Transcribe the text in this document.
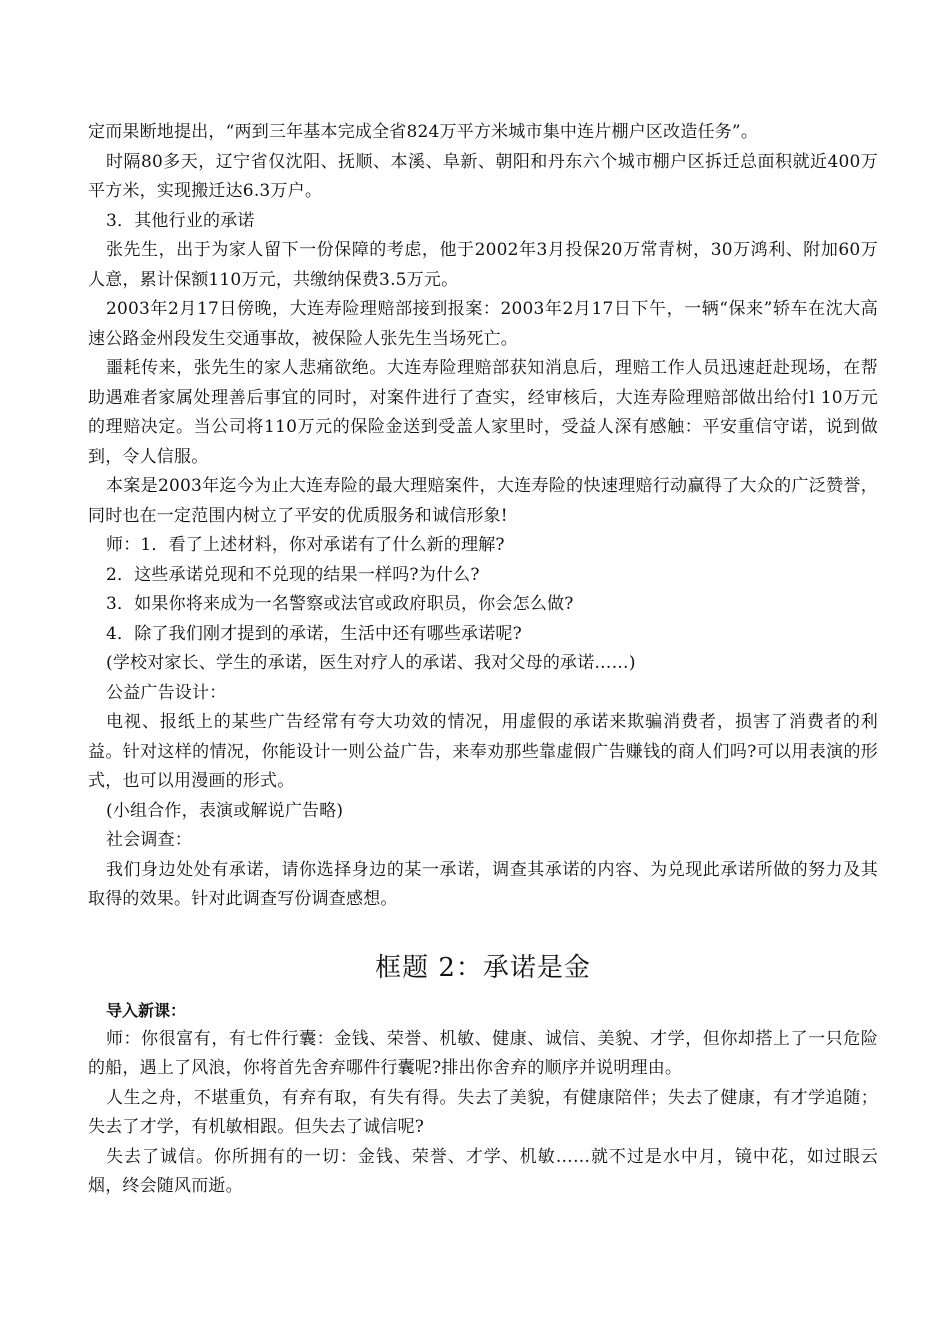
定而果断地提出，“两到三年基本完成全省824万平方米城市集中连片棚户区改造任务”。

时隔80多天，辽宁省仅沈阳、抚顺、本溪、阜新、朝阳和丹东六个城市棚户区拆迁总面积就近400万平方米，实现搬迁达6.3万户。

3．其他行业的承诺

张先生，出于为家人留下一份保障的考虑，他于2002年3月投保20万常青树，30万鸿利、附加60万人意，累计保额110万元，共缴纳保费3.5万元。

2003年2月17日傍晚，大连寿险理赔部接到报案：2003年2月17日下午，一辆“保来”轿车在沈大高速公路金州段发生交通事故，被保险人张先生当场死亡。

噩耗传来，张先生的家人悲痛欲绝。大连寿险理赔部获知消息后，理赔工作人员迅速赶赴现场，在帮助遇难者家属处理善后事宜的同时，对案件进行了查实，经审核后，大连寿险理赔部做出给付l 10万元的理赔决定。当公司将110万元的保险金送到受盖人家里时，受益人深有感触：平安重信守诺，说到做到，令人信服。

本案是2003年迄今为止大连寿险的最大理赔案件，大连寿险的快速理赔行动赢得了大众的广泛赞誉，同时也在一定范围内树立了平安的优质服务和诚信形象!

师：1．看了上述材料，你对承诺有了什么新的理解?

2．这些承诺兑现和不兑现的结果一样吗?为什么?

3．如果你将来成为一名警察或法官或政府职员，你会怎么做?

4．除了我们刚才提到的承诺，生活中还有哪些承诺呢?

(学校对家长、学生的承诺，医生对疗人的承诺、我对父母的承诺……)

公益广告设计：

电视、报纸上的某些广告经常有夸大功效的情况，用虚假的承诺来欺骗消费者，损害了消费者的利益。针对这样的情况，你能设计一则公益广告，来奉劝那些靠虚假广告赚钱的商人们吗?可以用表演的形式，也可以用漫画的形式。

(小组合作，表演或解说广告略)

社会调查：

我们身边处处有承诺，请你选择身边的某一承诺，调查其承诺的内容、为兑现此承诺所做的努力及其取得的效果。针对此调查写份调查感想。

框题 2：承诺是金

导入新课：

师：你很富有，有七件行囊：金钱、荣誉、机敏、健康、诚信、美貌、才学，但你却搭上了一只危险的船，遇上了风浪，你将首先舍弃哪件行囊呢?排出你舍弃的顺序并说明理由。

人生之舟，不堪重负，有弃有取，有失有得。失去了美貌，有健康陪伴；失去了健康，有才学追随；失去了才学，有机敏相跟。但失去了诚信呢?

失去了诚信。你所拥有的一切：金钱、荣誉、才学、机敏……就不过是水中月，镜中花，如过眼云烟，终会随风而逝。
